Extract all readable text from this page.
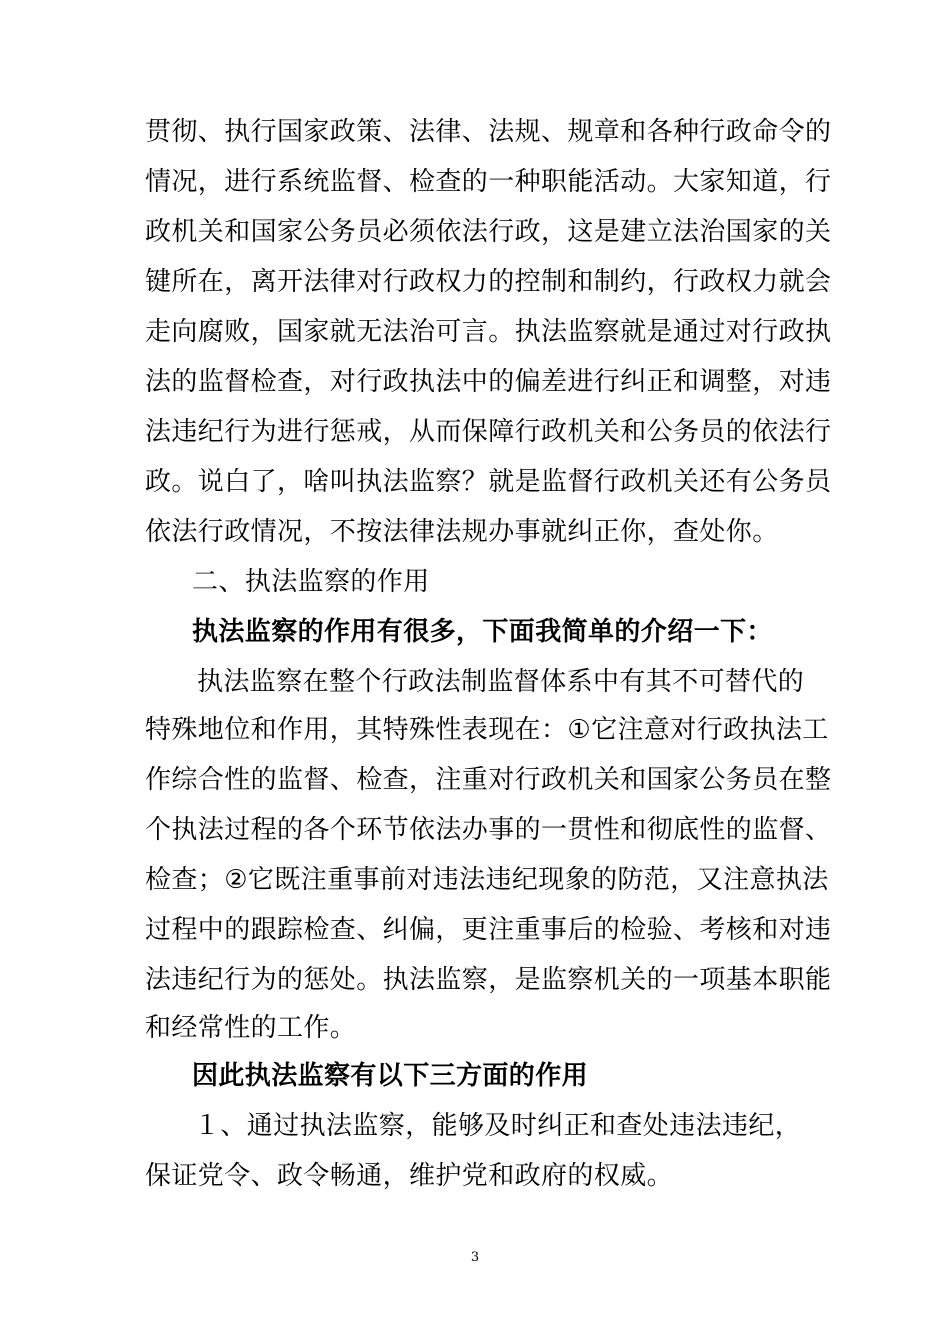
贯彻、执行国家政策、法律、法规、规章和各种行政命令的
情况，进行系统监督、检查的一种职能活动。大家知道，行
政机关和国家公务员必须依法行政，这是建立法治国家的关
键所在，离开法律对行政权力的控制和制约，行政权力就会
走向腐败，国家就无法治可言。执法监察就是通过对行政执
法的监督检查，对行政执法中的偏差进行纠正和调整，对违
法违纪行为进行惩戒，从而保障行政机关和公务员的依法行
政。说白了，啥叫执法监察？就是监督行政机关还有公务员
依法行政情况，不按法律法规办事就纠正你，查处你。
二、执法监察的作用
执法监察的作用有很多，下面我简单的介绍一下：
执法监察在整个行政法制监督体系中有其不可替代的
特殊地位和作用，其特殊性表现在：①它注意对行政执法工
作综合性的监督、检查，注重对行政机关和国家公务员在整
个执法过程的各个环节依法办事的一贯性和彻底性的监督、
检查；②它既注重事前对违法违纪现象的防范，又注意执法
过程中的跟踪检查、纠偏，更注重事后的检验、考核和对违
法违纪行为的惩处。执法监察，是监察机关的一项基本职能
和经常性的工作。
因此执法监察有以下三方面的作用
１、通过执法监察，能够及时纠正和查处违法违纪，
保证党令、政令畅通，维护党和政府的权威。
3
